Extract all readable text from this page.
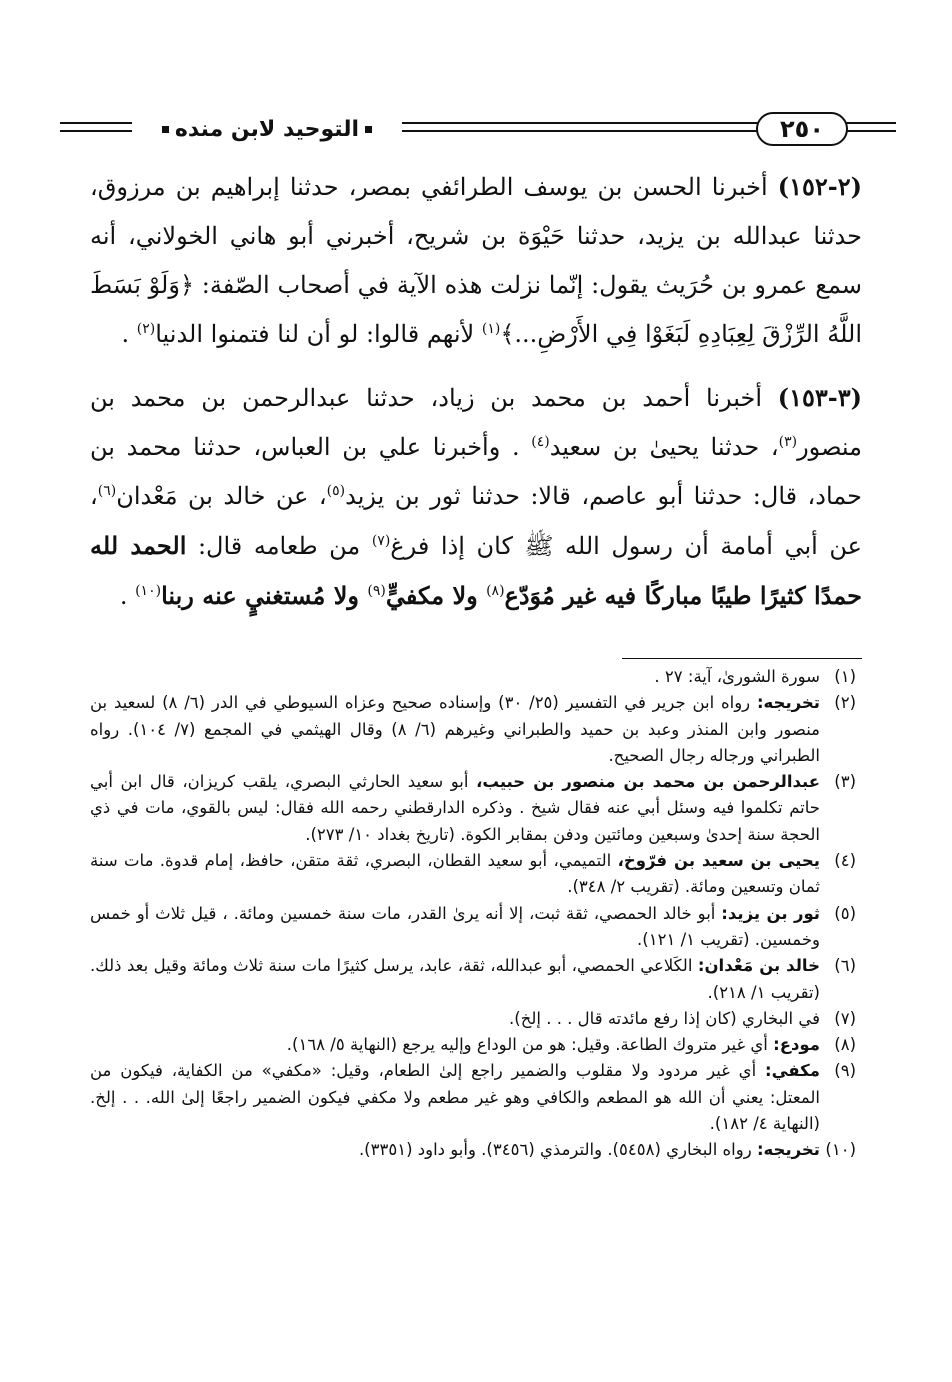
٢٥٠
التوحيد لابن منده

(٢-١٥٢) أخبرنا الحسن بن يوسف الطرائفي بمصر، حدثنا إبراهيم بن مرزوق، حدثنا عبدالله بن يزيد، حدثنا حَيْوَة بن شريح، أخبرني أبو هاني الخولاني، أنه سمع عمرو بن حُرَيث يقول: إنّما نزلت هذه الآية في أصحاب الصّفة: ﴿وَلَوْ بَسَطَ اللَّهُ الرِّزْقَ لِعِبَادِهِ لَبَغَوْا فِي الأَرْضِ...﴾$^{(١)}$ لأنهم قالوا: لو أن لنا فتمنوا الدنيا$^{(٢)}$ .

(٣-١٥٣) أخبرنا أحمد بن محمد بن زياد، حدثنا عبدالرحمن بن محمد بن منصور$^{(٣)}$، حدثنا يحيىٰ بن سعيد$^{(٤)}$ . وأخبرنا علي بن العباس، حدثنا محمد بن حماد، قال: حدثنا أبو عاصم، قالا: حدثنا ثور بن يزيد$^{(٥)}$، عن خالد بن مَعْدان$^{(٦)}$، عن أبي أمامة أن رسول الله ﷺ كان إذا فرغ$^{(٧)}$ من طعامه قال: الحمد لله حمدًا كثيرًا طيبًا مباركًا فيه غير مُوَدّع$^{(٨)}$ ولا مكفيٍّ$^{(٩)}$ ولا مُستغنيٍ عنه ربنا$^{(١٠)}$ .

(١)
سورة الشورىٰ، آية: ٢٧ .

(٢)
تخريجه: رواه ابن جرير في التفسير (٢٥/ ٣٠) وإسناده صحيح وعزاه السيوطي في الدر (٦/ ٨) لسعيد بن منصور وابن المنذر وعبد بن حميد والطبراني وغيرهم (٦/ ٨) وقال الهيثمي في المجمع (٧/ ١٠٤). رواه الطبراني ورجاله رجال الصحيح.

(٣)
عبدالرحمن بن محمد بن منصور بن حبيب، أبو سعيد الحارثي البصري، يلقب كريزان، قال ابن أبي حاتم تكلموا فيه وسئل أبي عنه فقال شيخ . وذكره الدارقطني رحمه الله فقال: ليس بالقوي، مات في ذي الحجة سنة إحدىٰ وسبعين ومائتين ودفن بمقابر الكوة. (تاريخ بغداد ١٠/ ٢٧٣).

(٤)
يحيى بن سعيد بن فرّوخ، التميمي، أبو سعيد القطان، البصري، ثقة متقن، حافظ، إمام قدوة. مات سنة ثمان وتسعين ومائة. (تقريب ٢/ ٣٤٨).

(٥)
ثور بن يزيد: أبو خالد الحمصي، ثقة ثبت، إلا أنه يرىٰ القدر، مات سنة خمسين ومائة. ، قيل ثلاث أو خمس وخمسين. (تقريب ١/ ١٢١).

(٦)
خالد بن مَعْدان: الكَلاعي الحمصي، أبو عبدالله، ثقة، عابد، يرسل كثيرًا مات سنة ثلاث ومائة وقيل بعد ذلك. (تقريب ١/ ٢١٨).

(٧)
في البخاري (كان إذا رفع مائدته قال . . . إلخ).

(٨)
مودع: أي غير متروك الطاعة. وقيل: هو من الوداع وإليه يرجع (النهاية ٥/ ١٦٨).

(٩)
مكفي: أي غير مردود ولا مقلوب والضمير راجع إلىٰ الطعام، وقيل: «مكفي» من الكفاية، فيكون من المعتل: يعني أن الله هو المطعم والكافي وهو غير مطعم ولا مكفي فيكون الضمير راجعًا إلىٰ الله. . . إلخ. (النهاية ٤/ ١٨٢).

(١٠)
تخريجه: رواه البخاري (٥٤٥٨). والترمذي (٣٤٥٦). وأبو داود (٣٣٥١).
